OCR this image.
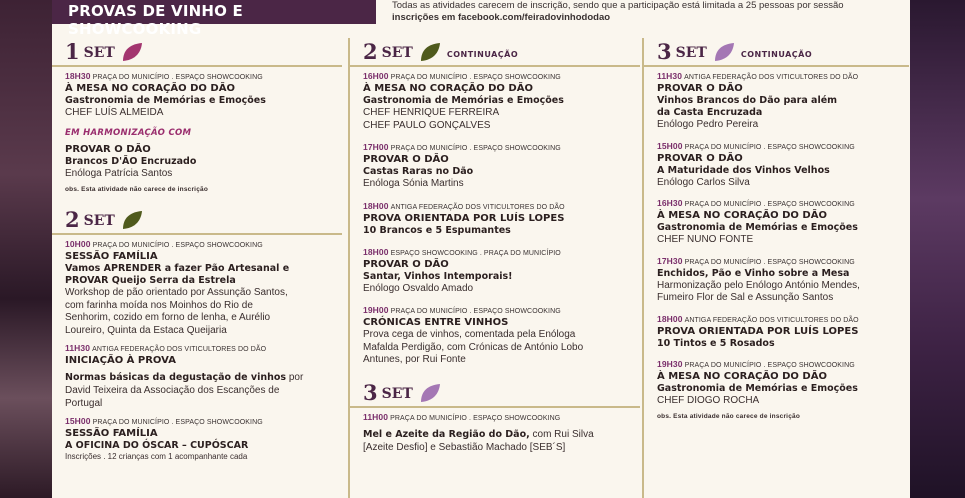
PROVAS DE VINHO E SHOWCOOKING
Todas as atividades carecem de inscrição, sendo que a participação está limitada a 25 pessoas por sessão
inscrições em facebook.com/feiradovinhododao
1 SET
18H30 PRAÇA DO MUNICÍPIO . ESPAÇO SHOWCOOKING
À MESA NO CORAÇÃO DO DÃO
Gastronomia de Memórias e Emoções
CHEF LUÍS ALMEIDA
EM HARMONIZAÇÃO COM
PROVAR O DÃO
Brancos D'ÃO Encruzado
Enóloga Patrícia Santos
obs. Esta atividade não carece de inscrição
2 SET
10H00 PRAÇA DO MUNICÍPIO . ESPAÇO SHOWCOOKING
SESSÃO FAMÍLIA
Vamos APRENDER a fazer Pão Artesanal e
PROVAR Queijo Serra da Estrela
Workshop de pão orientado por Assunção Santos,
com farinha moída nos Moinhos do Rio de
Senhorim, cozido em forno de lenha, e Aurélio
Loureiro, Quinta da Estaca Queijaria
11H30 ANTIGA FEDERAÇÃO DOS VITICULTORES DO DÃO
INICIAÇÃO À PROVA
Normas básicas da degustação de vinhos por
David Teixeira da Associação dos Escanções de
Portugal
15H00 PRAÇA DO MUNICÍPIO . ESPAÇO SHOWCOOKING
SESSÃO FAMÍLIA
A OFICINA DO ÓSCAR – CUPÓSCAR
Inscrições . 12 crianças com 1 acompanhante cada
2 SET	CONTINUAÇÃO
16H00 PRAÇA DO MUNICÍPIO . ESPAÇO SHOWCOOKING
À MESA NO CORAÇÃO DO DÃO
Gastronomia de Memórias e Emoções
CHEF HENRIQUE FERREIRA
CHEF PAULO GONÇALVES
17H00 PRAÇA DO MUNICÍPIO . ESPAÇO SHOWCOOKING
PROVAR O DÃO
Castas Raras no Dão
Enóloga Sónia Martins
18H00 ANTIGA FEDERAÇÃO DOS VITICULTORES DO DÃO
PROVA ORIENTADA POR LUÍS LOPES
10 Brancos e 5 Espumantes
18H00 ESPAÇO SHOWCOOKING . PRAÇA DO MUNICÍPIO
PROVAR O DÃO
Santar, Vinhos Intemporais!
Enólogo Osvaldo Amado
19H00 PRAÇA DO MUNICÍPIO . ESPAÇO SHOWCOOKING
CRÓNICAS ENTRE VINHOS
Prova cega de vinhos, comentada pela Enóloga
Mafalda Perdigão, com Crónicas de António Lobo
Antunes, por Rui Fonte
3 SET
11H00 PRAÇA DO MUNICÍPIO . ESPAÇO SHOWCOOKING
Mel e Azeite da Região do Dão, com Rui Silva
[Azeite Desfio] e Sebastião Machado [SEB´S]
3 SET	CONTINUAÇÃO
11H30 ANTIGA FEDERAÇÃO DOS VITICULTORES DO DÃO
PROVAR O DÃO
Vinhos Brancos do Dão para além
da Casta Encruzada
Enólogo Pedro Pereira
15H00 PRAÇA DO MUNICÍPIO . ESPAÇO SHOWCOOKING
PROVAR O DÃO
A Maturidade dos Vinhos Velhos
Enólogo Carlos Silva
16H30 PRAÇA DO MUNICÍPIO . ESPAÇO SHOWCOOKING
À MESA NO CORAÇÃO DO DÃO
Gastronomia de Memórias e Emoções
CHEF NUNO FONTE
17H30 PRAÇA DO MUNICÍPIO . ESPAÇO SHOWCOOKING
Enchidos, Pão e Vinho sobre a Mesa
Harmonização pelo Enólogo António Mendes,
Fumeiro Flor de Sal e Assunção Santos
18H00 ANTIGA FEDERAÇÃO DOS VITICULTORES DO DÃO
PROVA ORIENTADA POR LUÍS LOPES
10 Tintos e 5 Rosados
19H30 PRAÇA DO MUNICÍPIO . ESPAÇO SHOWCOOKING
À MESA NO CORAÇÃO DO DÃO
Gastronomia de Memórias e Emoções
CHEF DIOGO ROCHA
obs. Esta atividade não carece de inscrição
